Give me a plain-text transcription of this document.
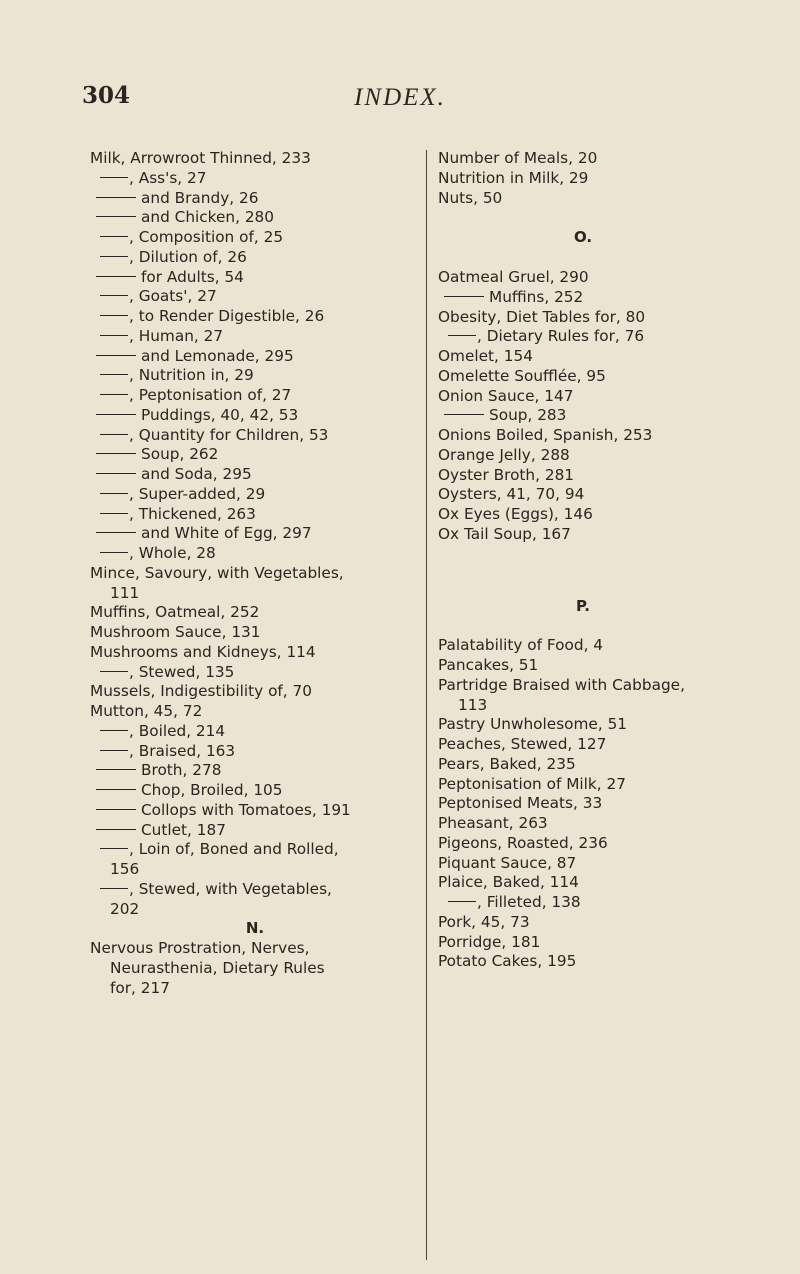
304	INDEX.
Milk, Arrowroot Thinned, 233
, Ass's, 27
and Brandy, 26
and Chicken, 280
, Composition of, 25
, Dilution of, 26
for Adults, 54
, Goats', 27
, to Render Digestible, 26
, Human, 27
and Lemonade, 295
, Nutrition in, 29
, Peptonisation of, 27
Puddings, 40, 42, 53
, Quantity for Children, 53
Soup, 262
and Soda, 295
, Super-added, 29
, Thickened, 263
and White of Egg, 297
, Whole, 28
Mince, Savoury, with Vegetables,
111
Muffins, Oatmeal, 252
Mushroom Sauce, 131
Mushrooms and Kidneys, 114
, Stewed, 135
Mussels, Indigestibility of, 70
Mutton, 45, 72
, Boiled, 214
, Braised, 163
Broth, 278
Chop, Broiled, 105
Collops with Tomatoes, 191
Cutlet, 187
, Loin of, Boned and Rolled,
156
, Stewed, with Vegetables,
202
N.
Nervous Prostration, Nerves,
Neurasthenia, Dietary Rules
for, 217
Number of Meals, 20
Nutrition in Milk, 29
Nuts, 50
O.
Oatmeal Gruel, 290
Muffins, 252
Obesity, Diet Tables for, 80
, Dietary Rules for, 76
Omelet, 154
Omelette Soufflée, 95
Onion Sauce, 147
Soup, 283
Onions Boiled, Spanish, 253
Orange Jelly, 288
Oyster Broth, 281
Oysters, 41, 70, 94
Ox Eyes (Eggs), 146
Ox Tail Soup, 167
P.
Palatability of Food, 4
Pancakes, 51
Partridge Braised with Cabbage,
113
Pastry Unwholesome, 51
Peaches, Stewed, 127
Pears, Baked, 235
Peptonisation of Milk, 27
Peptonised Meats, 33
Pheasant, 263
Pigeons, Roasted, 236
Piquant Sauce, 87
Plaice, Baked, 114
, Filleted, 138
Pork, 45, 73
Porridge, 181
Potato Cakes, 195
